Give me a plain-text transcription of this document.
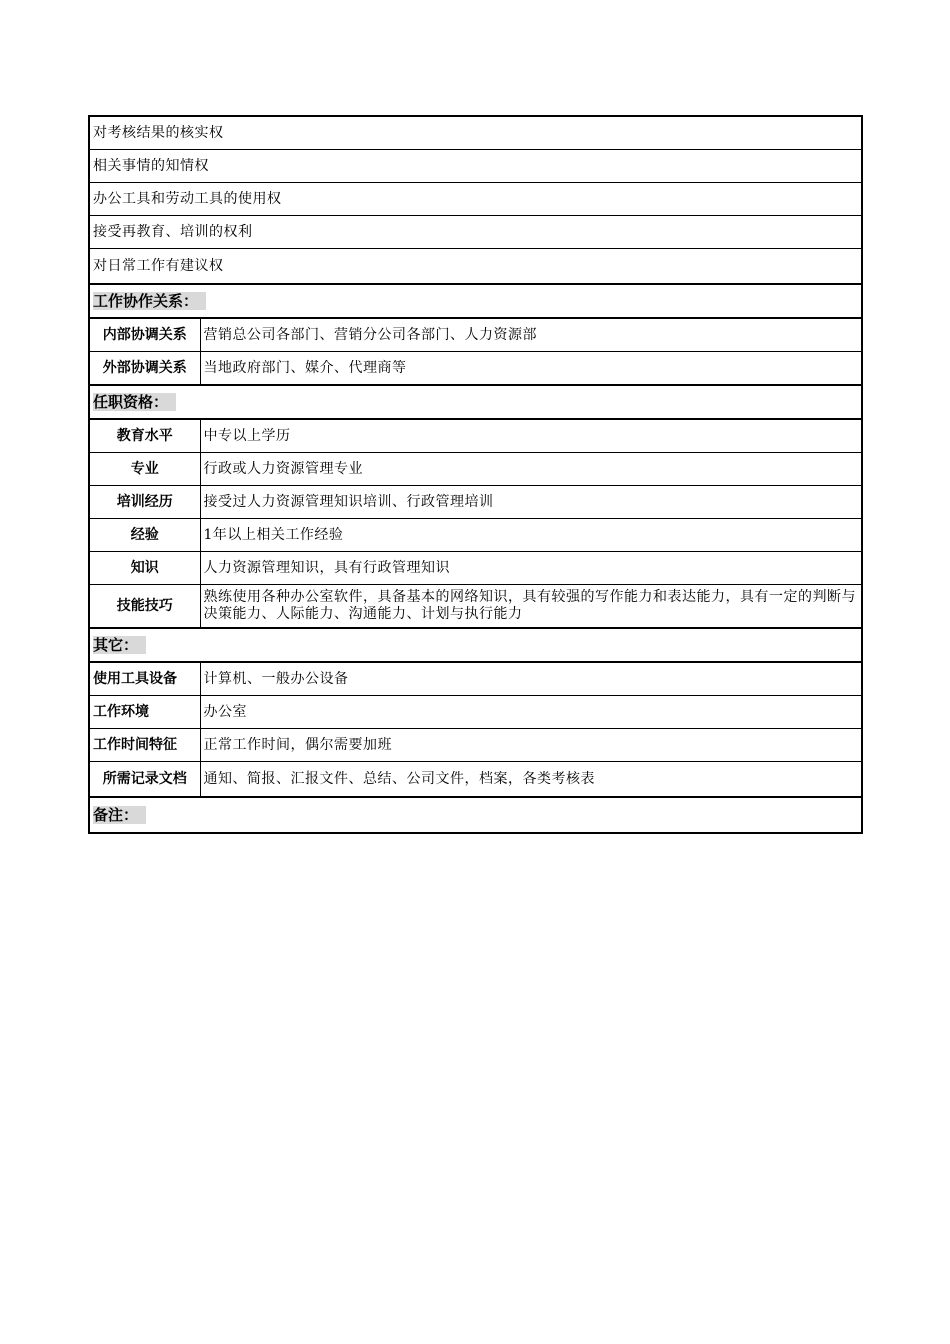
对考核结果的核实权	
相关事情的知情权	
办公工具和劳动工具的使用权	
接受再教育、培训的权利	
对日常工作有建议权	
工作协作关系：	
内部协调关系	营销总公司各部门、营销分公司各部门、人力资源部
外部协调关系	当地政府部门、媒介、代理商等
任职资格：	
教育水平	中专以上学历
专业	行政或人力资源管理专业
培训经历	接受过人力资源管理知识培训、行政管理培训
经验	1年以上相关工作经验
知识	人力资源管理知识，具有行政管理知识
技能技巧	熟练使用各种办公室软件，具备基本的网络知识，具有较强的写作能力和表达能力，具有一定的判断与决策能力、人际能力、沟通能力、计划与执行能力
其它：	
使用工具设备	计算机、一般办公设备
工作环境	办公室
工作时间特征	正常工作时间，偶尔需要加班
所需记录文档	通知、简报、汇报文件、总结、公司文件，档案，各类考核表
备注：	
